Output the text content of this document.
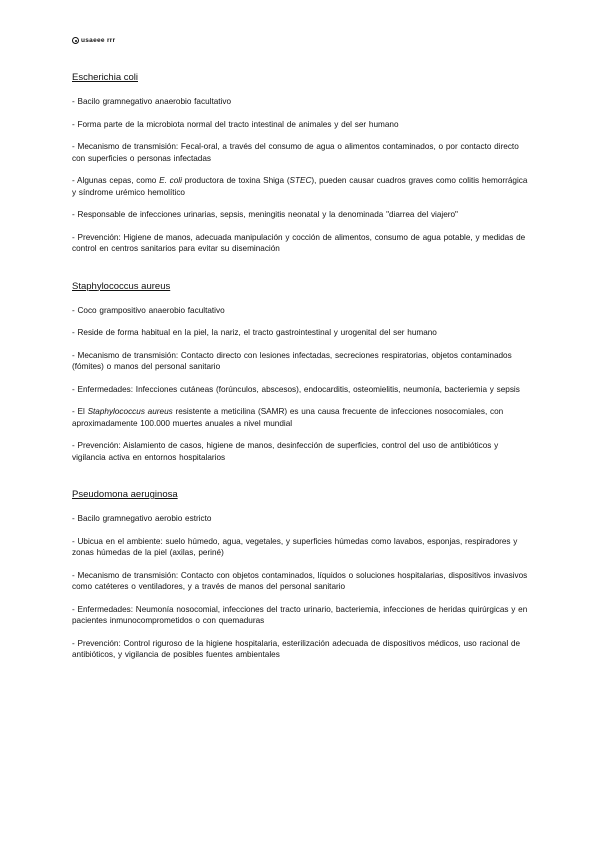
usaeee rrr
Escherichia coli

- Bacilo gramnegativo anaerobio facultativo

- Forma parte de la microbiota normal del tracto intestinal de animales y del ser humano

- Mecanismo de transmisión: Fecal-oral, a través del consumo de agua o alimentos contaminados, o por contacto directo con superficies o personas infectadas

- Algunas cepas, como E. coli productora de toxina Shiga (STEC), pueden causar cuadros graves como colitis hemorrágica y síndrome urémico hemolítico

- Responsable de infecciones urinarias, sepsis, meningitis neonatal y la denominada "diarrea del viajero"

- Prevención: Higiene de manos, adecuada manipulación y cocción de alimentos, consumo de agua potable, y medidas de control en centros sanitarios para evitar su diseminación

Staphylococcus aureus

- Coco grampositivo anaerobio facultativo

- Reside de forma habitual en la piel, la nariz, el tracto gastrointestinal y urogenital del ser humano

- Mecanismo de transmisión: Contacto directo con lesiones infectadas, secreciones respiratorias, objetos contaminados (fómites) o manos del personal sanitario

- Enfermedades: Infecciones cutáneas (forúnculos, abscesos), endocarditis, osteomielitis, neumonía, bacteriemia y sepsis

- El Staphylococcus aureus resistente a meticilina (SAMR) es una causa frecuente de infecciones nosocomiales, con aproximadamente 100.000 muertes anuales a nivel mundial

- Prevención: Aislamiento de casos, higiene de manos, desinfección de superficies, control del uso de antibióticos y vigilancia activa en entornos hospitalarios

Pseudomona aeruginosa

- Bacilo gramnegativo aerobio estricto

- Ubicua en el ambiente: suelo húmedo, agua, vegetales, y superficies húmedas como lavabos, esponjas, respiradores y zonas húmedas de la piel (axilas, periné)

- Mecanismo de transmisión: Contacto con objetos contaminados, líquidos o soluciones hospitalarias, dispositivos invasivos como catéteres o ventiladores, y a través de manos del personal sanitario

- Enfermedades: Neumonía nosocomial, infecciones del tracto urinario, bacteriemia, infecciones de heridas quirúrgicas y en pacientes inmunocomprometidos o con quemaduras

- Prevención: Control riguroso de la higiene hospitalaria, esterilización adecuada de dispositivos médicos, uso racional de antibióticos, y vigilancia de posibles fuentes ambientales
